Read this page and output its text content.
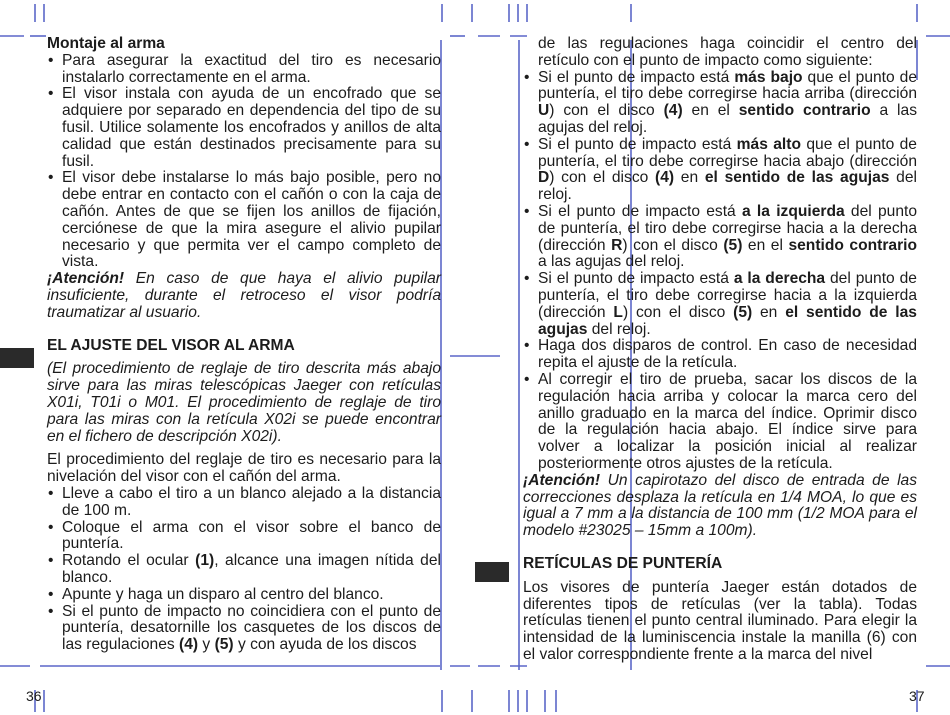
Montaje al arma

• Para asegurar la exactitud del tiro es necesario instalarlo correctamente en el arma.
• El visor instala con ayuda de un encofrado que se adquiere por separado en dependencia del tipo de su fusil. Utilice solamente los encofrados y anillos de alta calidad que están destinados precisamente para su fusil.
• El visor debe instalarse lo más bajo posible, pero no debe entrar en contacto con el cañón o con la caja de cañón. Antes de que se fijen los anillos de fijación, cerciónese de que la mira asegure el alivio pupilar necesario y que permita ver el campo completo de vista.

¡Atención! En caso de que haya el alivio pupilar insuficiente, durante el retroceso el visor podría traumatizar al usuario.

EL AJUSTE DEL VISOR AL ARMA

(El procedimiento de reglaje de tiro descrita más abajo sirve para las miras telescópicas Jaeger con retículas X01i, T01i o M01. El procedimiento de reglaje de tiro para las miras con la retícula X02i se puede encontrar en el fichero de descripción X02i).

El procedimiento del reglaje de tiro es necesario para la nivelación del visor con el cañón del arma.

• Lleve a cabo el tiro a un blanco alejado a la distancia de 100 m.
• Coloque el arma con el visor sobre el banco de puntería.
• Rotando el ocular (1), alcance una imagen nítida del blanco.
• Apunte y haga un disparo al centro del blanco.
• Si el punto de impacto no coincidiera con el punto de puntería, desatornille los casquetes de los discos de las regulaciones (4) y (5) y con ayuda de los discos

de las regulaciones haga coincidir el centro del retículo con el punto de impacto como siguiente:

• Si el punto de impacto está más bajo que el punto de puntería, el tiro debe corregirse hacia arriba (dirección U) con el disco (4) en el sentido contrario a las agujas del reloj.
• Si el punto de impacto está más alto que el punto de puntería, el tiro debe corregirse hacia abajo (dirección D) con el disco (4) en el sentido de las agujas del reloj.
• Si el punto de impacto está a la izquierda del punto de puntería, el tiro debe corregirse hacia a la derecha (dirección R) con el disco (5) en el sentido contrario a las agujas del reloj.
• Si el punto de impacto está a la derecha del punto de puntería, el tiro debe corregirse hacia a la izquierda (dirección L) con el disco (5) en el sentido de las agujas del reloj.
• Haga dos disparos de control. En caso de necesidad repita el ajuste de la retícula.
• Al corregir el tiro de prueba, sacar los discos de la regulación hacia arriba y colocar la marca cero del anillo graduado en la marca del índice. Oprimir disco de la regulación hacia abajo. El índice sirve para volver a localizar la posición inicial al realizar posteriormente otros ajustes de la retícula.

¡Atención! Un capirotazo del disco de entrada de las correcciones desplaza la retícula en 1/4 MOA, lo que es igual a 7 mm a la distancia de 100 mm (1/2 MOA para el modelo #23025 – 15mm a 100m).

RETÍCULAS DE PUNTERÍA

Los visores de puntería Jaeger están dotados de diferentes tipos de retículas (ver la tabla). Todas retículas tienen el punto central iluminado. Para elegir la intensidad de la luminiscencia instale la manilla (6) con el valor correspondiente frente a la marca del nivel

36	37
